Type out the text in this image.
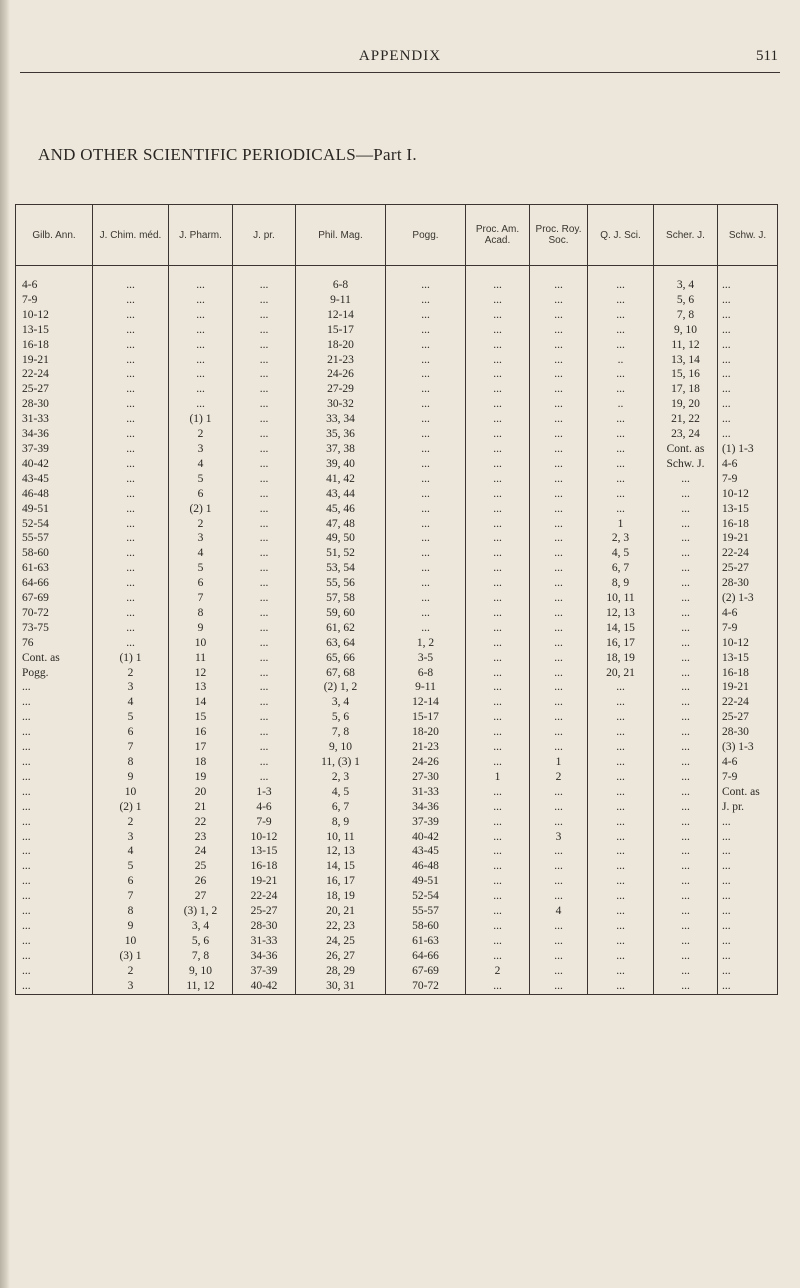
APPENDIX	511
AND OTHER SCIENTIFIC PERIODICALS—Part I.
Gilb. Ann.	J. Chim. méd.	J. Pharm.	J. pr.	Phil. Mag.	Pogg.	Proc. Am. Acad.	Proc. Roy. Soc.	Q. J. Sci.	Scher. J.	Schw. J.

4-6	...	...	...	6-8	...	...	...	...	3, 4	...
7-9	...	...	...	9-11	...	...	...	...	5, 6	...
10-12	...	...	...	12-14	...	...	...	...	7, 8	...
13-15	...	...	...	15-17	...	...	...	...	9, 10	...
16-18	...	...	...	18-20	...	...	...	...	11, 12	...
19-21	...	...	...	21-23	...	...	...	..	13, 14	...
22-24	...	...	...	24-26	...	...	...	...	15, 16	...
25-27	...	...	...	27-29	...	...	...	...	17, 18	...
28-30	...	...	...	30-32	...	...	...	..	19, 20	...
31-33	...	(1) 1	...	33, 34	...	...	...	...	21, 22	...
34-36	...	2	...	35, 36	...	...	...	...	23, 24	...
37-39	...	3	...	37, 38	...	...	...	...	Cont. as	(1) 1-3
40-42	...	4	...	39, 40	...	...	...	...	Schw. J.	4-6
43-45	...	5	...	41, 42	...	...	...	...	...	7-9
46-48	...	6	...	43, 44	...	...	...	...	...	10-12
49-51	...	(2) 1	...	45, 46	...	...	...	...	...	13-15
52-54	...	2	...	47, 48	...	...	...	1	...	16-18
55-57	...	3	...	49, 50	...	...	...	2, 3	...	19-21
58-60	...	4	...	51, 52	...	...	...	4, 5	...	22-24
61-63	...	5	...	53, 54	...	...	...	6, 7	...	25-27
64-66	...	6	...	55, 56	...	...	...	8, 9	...	28-30
67-69	...	7	...	57, 58	...	...	...	10, 11	...	(2) 1-3
70-72	...	8	...	59, 60	...	...	...	12, 13	...	4-6
73-75	...	9	...	61, 62	...	...	...	14, 15	...	7-9
76	...	10	...	63, 64	1, 2	...	...	16, 17	...	10-12
Cont. as	(1) 1	11	...	65, 66	3-5	...	...	18, 19	...	13-15
Pogg.	2	12	...	67, 68	6-8	...	...	20, 21	...	16-18
...	3	13	...	(2) 1, 2	9-11	...	...	...	...	19-21
...	4	14	...	3, 4	12-14	...	...	...	...	22-24
...	5	15	...	5, 6	15-17	...	...	...	...	25-27
...	6	16	...	7, 8	18-20	...	...	...	...	28-30
...	7	17	...	9, 10	21-23	...	...	...	...	(3) 1-3
...	8	18	...	11, (3) 1	24-26	...	1	...	...	4-6
...	9	19	...	2, 3	27-30	1	2	...	...	7-9
...	10	20	1-3	4, 5	31-33	...	...	...	...	Cont. as
...	(2) 1	21	4-6	6, 7	34-36	...	...	...	...	J. pr.
...	2	22	7-9	8, 9	37-39	...	...	...	...	...
...	3	23	10-12	10, 11	40-42	...	3	...	...	...
...	4	24	13-15	12, 13	43-45	...	...	...	...	...
...	5	25	16-18	14, 15	46-48	...	...	...	...	...
...	6	26	19-21	16, 17	49-51	...	...	...	...	...
...	7	27	22-24	18, 19	52-54	...	...	...	...	...
...	8	(3) 1, 2	25-27	20, 21	55-57	...	4	...	...	...
...	9	3, 4	28-30	22, 23	58-60	...	...	...	...	...
...	10	5, 6	31-33	24, 25	61-63	...	...	...	...	...
...	(3) 1	7, 8	34-36	26, 27	64-66	...	...	...	...	...
...	2	9, 10	37-39	28, 29	67-69	2	...	...	...	...
...	3	11, 12	40-42	30, 31	70-72	...	...	...	...	...
